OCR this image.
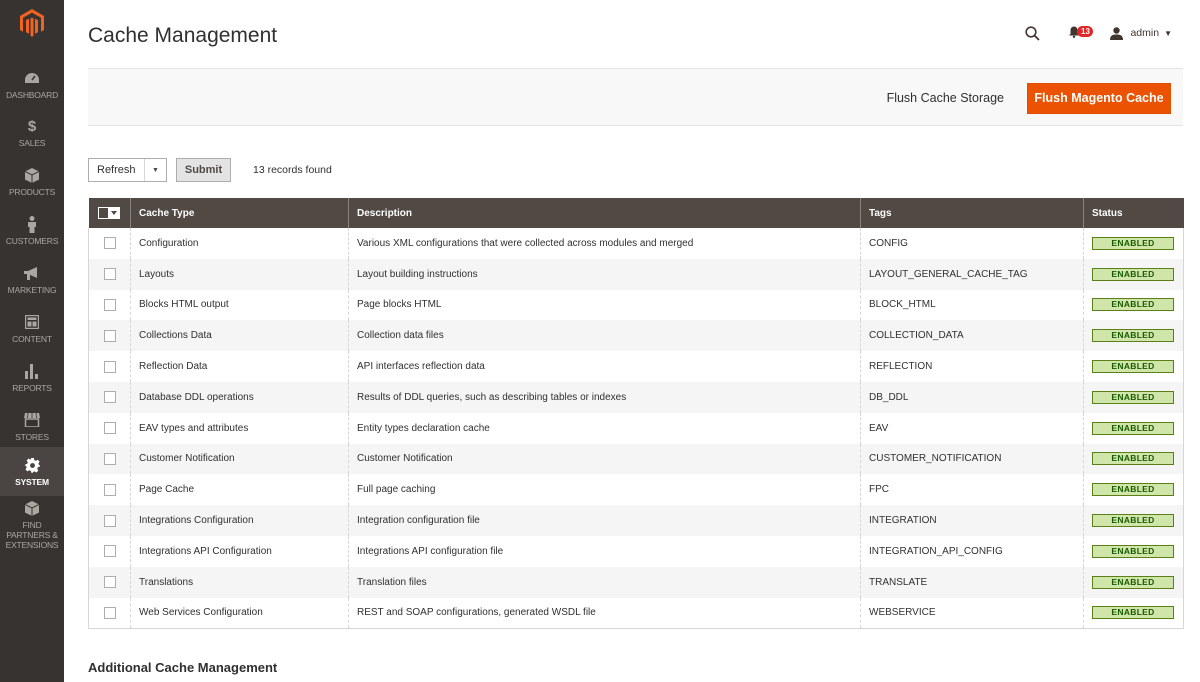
DASHBOARD
$
SALES
PRODUCTS
CUSTOMERS
MARKETING
CONTENT
REPORTS
STORES
SYSTEM
FIND PARTNERS & EXTENSIONS
Cache Management	13	admin ▼
Flush Cache Storage	Flush Magento Cache
Refresh	▼	Submit	13 records found
	Cache Type	Description	Tags	Status

	Configuration	Various XML configurations that were collected across modules and merged	CONFIG	ENABLED

	Layouts	Layout building instructions	LAYOUT_GENERAL_CACHE_TAG	ENABLED

	Blocks HTML output	Page blocks HTML	BLOCK_HTML	ENABLED

	Collections Data	Collection data files	COLLECTION_DATA	ENABLED

	Reflection Data	API interfaces reflection data	REFLECTION	ENABLED

	Database DDL operations	Results of DDL queries, such as describing tables or indexes	DB_DDL	ENABLED

	EAV types and attributes	Entity types declaration cache	EAV	ENABLED

	Customer Notification	Customer Notification	CUSTOMER_NOTIFICATION	ENABLED

	Page Cache	Full page caching	FPC	ENABLED

	Integrations Configuration	Integration configuration file	INTEGRATION	ENABLED

	Integrations API Configuration	Integrations API configuration file	INTEGRATION_API_CONFIG	ENABLED

	Translations	Translation files	TRANSLATE	ENABLED

	Web Services Configuration	REST and SOAP configurations, generated WSDL file	WEBSERVICE	ENABLED
Additional Cache Management
